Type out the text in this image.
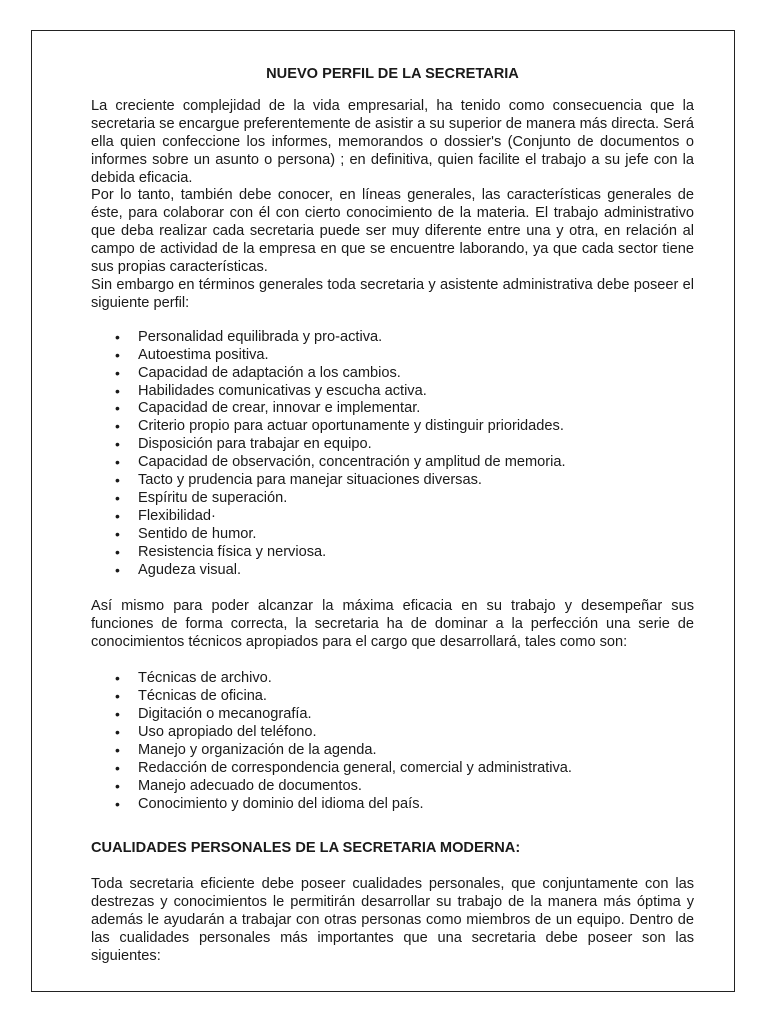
NUEVO PERFIL DE LA SECRETARIA

La creciente complejidad de la vida empresarial, ha tenido como consecuencia que la secretaria se encargue preferentemente de asistir a su superior de manera más directa. Será ella quien confeccione los informes, memorandos o dossier's (Conjunto de documentos o informes sobre un asunto o persona) ; en definitiva, quien facilite el trabajo a su jefe con la debida eficacia.

Por lo tanto, también debe conocer, en líneas generales, las características generales de éste, para colaborar con él con cierto conocimiento de la materia. El trabajo administrativo que deba realizar cada secretaria puede ser muy diferente entre una y otra, en relación al campo de actividad de la empresa en que se encuentre laborando, ya que cada sector tiene sus propias características.

Sin embargo en términos generales toda secretaria y asistente administrativa debe poseer el siguiente perfil:

• Personalidad equilibrada y pro-activa.
• Autoestima positiva.
• Capacidad de adaptación a los cambios.
• Habilidades comunicativas y escucha activa.
• Capacidad de crear, innovar e implementar.
• Criterio propio para actuar oportunamente y distinguir prioridades.
• Disposición para trabajar en equipo.
• Capacidad de observación, concentración y amplitud de memoria.
• Tacto y prudencia para manejar situaciones diversas.
• Espíritu de superación.
• Flexibilidad·
• Sentido de humor.
• Resistencia física y nerviosa.
• Agudeza visual.

Así mismo para poder alcanzar la máxima eficacia en su trabajo y desempeñar sus funciones de forma correcta, la secretaria ha de dominar a la perfección una serie de conocimientos técnicos apropiados para el cargo que desarrollará, tales como son:

• Técnicas de archivo.
• Técnicas de oficina.
• Digitación o mecanografía.
• Uso apropiado del teléfono.
• Manejo y organización de la agenda.
• Redacción de correspondencia general, comercial y administrativa.
• Manejo adecuado de documentos.
• Conocimiento y dominio del idioma del país.

CUALIDADES PERSONALES DE LA SECRETARIA MODERNA:

Toda secretaria eficiente debe poseer cualidades personales, que conjuntamente con las destrezas y conocimientos le permitirán desarrollar su trabajo de la manera más óptima y además le ayudarán a trabajar con otras personas como miembros de un equipo. Dentro de las cualidades personales más importantes que una secretaria debe poseer son las siguientes:
